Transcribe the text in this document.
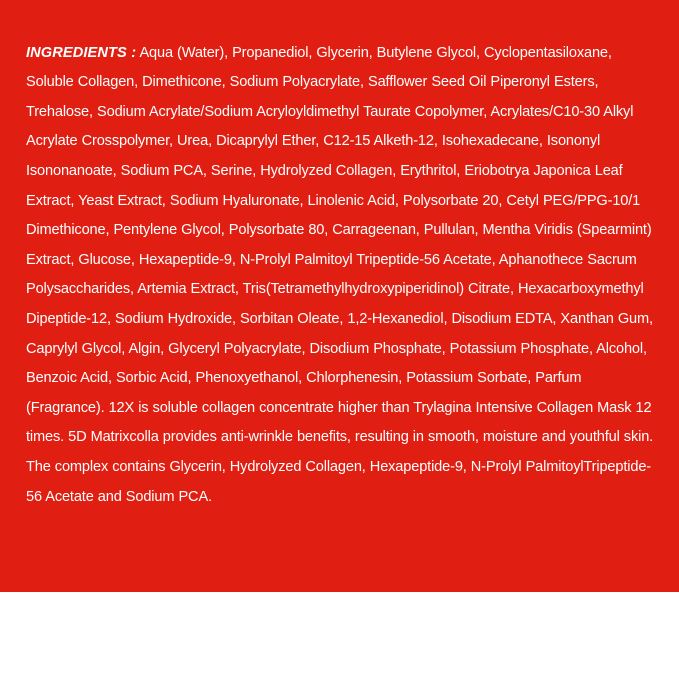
INGREDIENTS : Aqua (Water), Propanediol, Glycerin, Butylene Glycol, Cyclopentasiloxane, Soluble Collagen, Dimethicone, Sodium Polyacrylate, Safflower Seed Oil Piperonyl Esters, Trehalose, Sodium Acrylate/Sodium Acryloyldimethyl Taurate Copolymer, Acrylates/C10-30 Alkyl Acrylate Crosspolymer, Urea, Dicaprylyl Ether, C12-15 Alketh-12, Isohexadecane, Isononyl Isononanoate, Sodium PCA, Serine, Hydrolyzed Collagen, Erythritol, Eriobotrya Japonica Leaf Extract, Yeast Extract, Sodium Hyaluronate, Linolenic Acid, Polysorbate 20, Cetyl PEG/PPG-10/1 Dimethicone, Pentylene Glycol, Polysorbate 80, Carrageenan, Pullulan, Mentha Viridis (Spearmint) Extract, Glucose, Hexapeptide-9, N-Prolyl Palmitoyl Tripeptide-56 Acetate, Aphanothece Sacrum Polysaccharides, Artemia Extract, Tris(Tetramethylhydroxypiperidinol) Citrate, Hexacarboxymethyl Dipeptide-12, Sodium Hydroxide, Sorbitan Oleate, 1,2-Hexanediol, Disodium EDTA, Xanthan Gum, Caprylyl Glycol, Algin, Glyceryl Polyacrylate, Disodium Phosphate, Potassium Phosphate, Alcohol, Benzoic Acid, Sorbic Acid, Phenoxyethanol, Chlorphenesin, Potassium Sorbate, Parfum (Fragrance). 12X is soluble collagen concentrate higher than Trylagina Intensive Collagen Mask 12 times. 5D Matrixcolla provides anti-wrinkle benefits, resulting in smooth, moisture and youthful skin. The complex contains Glycerin, Hydrolyzed Collagen, Hexapeptide-9, N-Prolyl PalmitoylTripeptide-56 Acetate and Sodium PCA.
